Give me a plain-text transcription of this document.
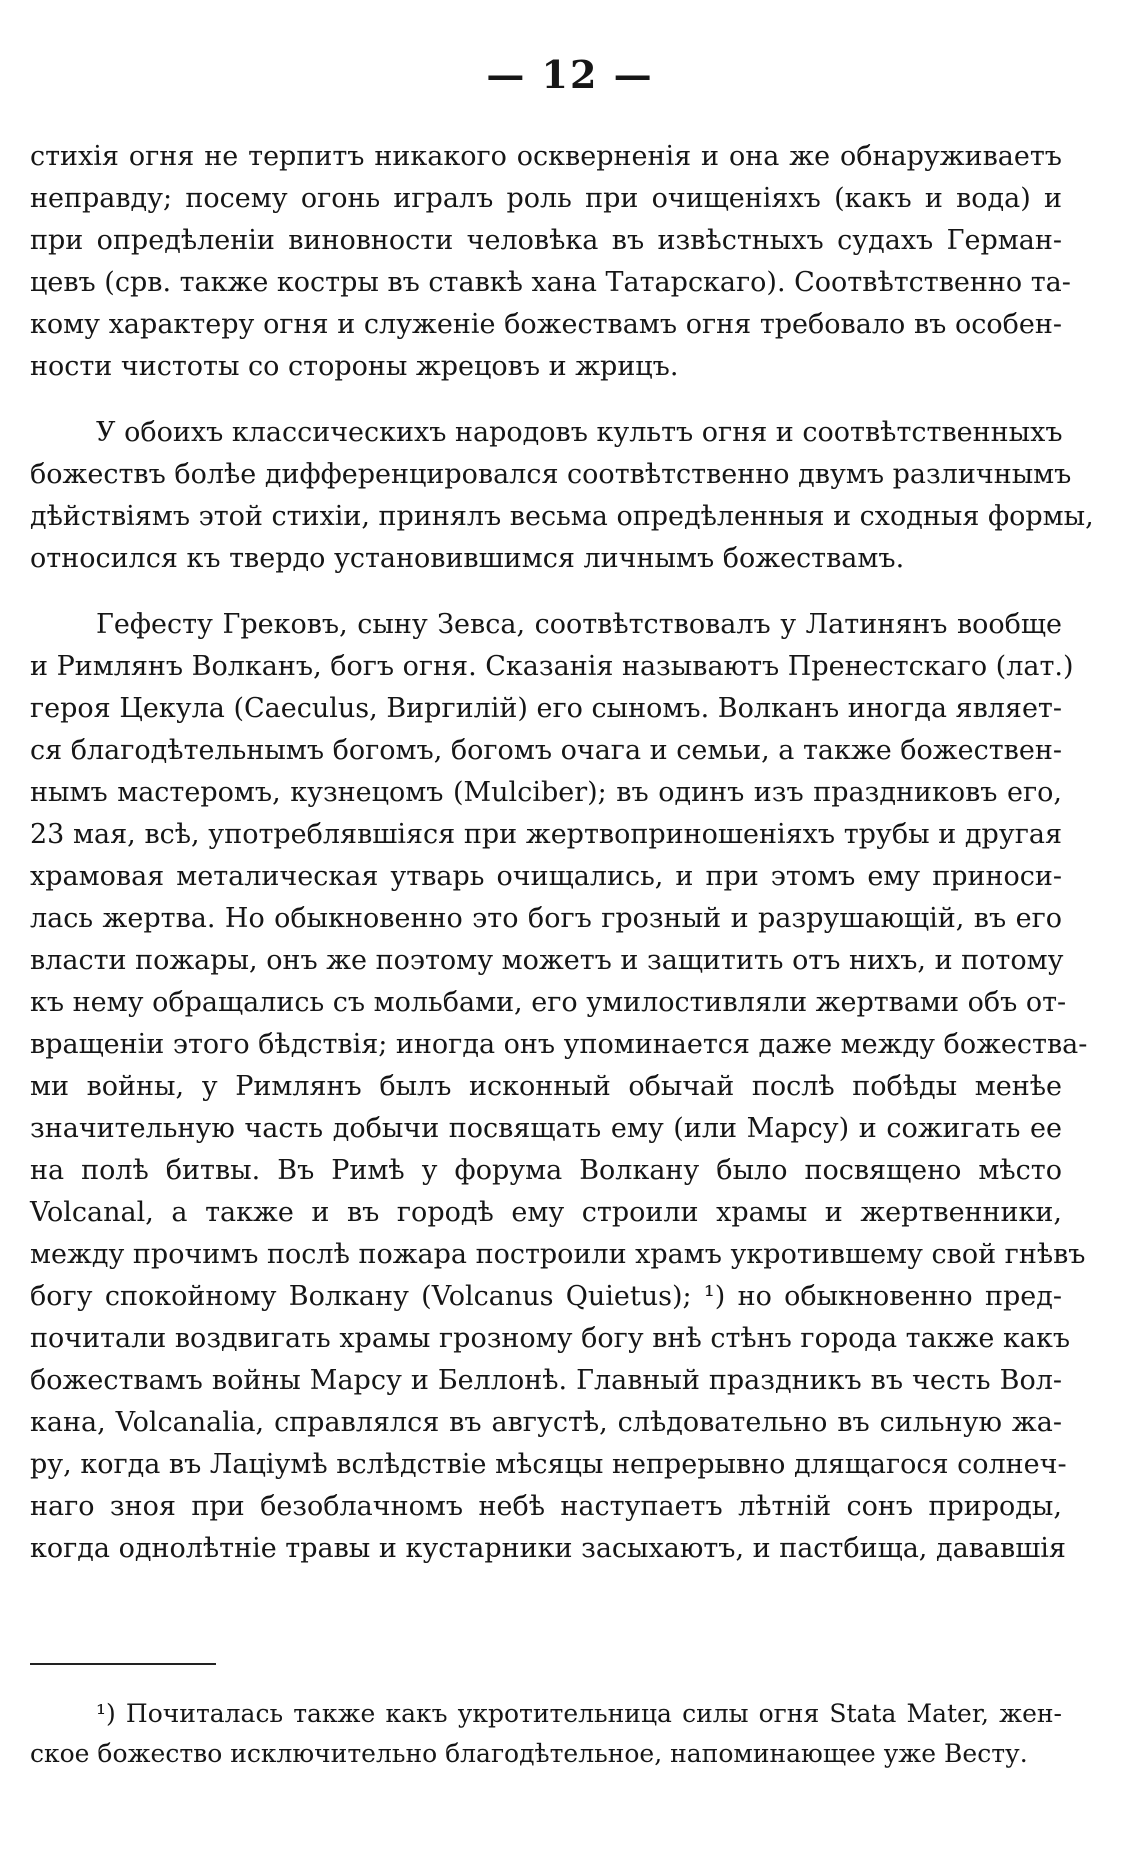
— 12 —
стихія огня не терпитъ никакого оскверненія и она же обнаруживаетъ
неправду; посему огонь игралъ роль при очищеніяхъ (какъ и вода) и
при опредѣленіи виновности человѣка въ извѣстныхъ судахъ Герман-
цевъ (срв. также костры въ ставкѣ хана Татарскаго). Соотвѣтственно та-
кому характеру огня и служеніе божествамъ огня требовало въ особен-
ности чистоты со стороны жрецовъ и жрицъ.
У обоихъ классическихъ народовъ культъ огня и соотвѣтственныхъ
божествъ болѣе дифференцировался соотвѣтственно двумъ различнымъ
дѣйствіямъ этой стихіи, принялъ весьма опредѣленныя и сходныя формы,
относился къ твердо установившимся личнымъ божествамъ.
Гефесту Грековъ, сыну Зевса, соотвѣтствовалъ у Латинянъ вообще
и Римлянъ Волканъ, богъ огня. Сказанія называютъ Пренестскаго (лат.)
героя Цекула (Caeculus, Виргилій) его сыномъ. Волканъ иногда являет-
ся благодѣтельнымъ богомъ, богомъ очага и семьи, а также божествен-
нымъ мастеромъ, кузнецомъ (Mulciber); въ одинъ изъ праздниковъ его,
23 мая, всѣ, употреблявшіяся при жертвоприношеніяхъ трубы и другая
храмовая металическая утварь очищались, и при этомъ ему приноси-
лась жертва. Но обыкновенно это богъ грозный и разрушающій, въ его
власти пожары, онъ же поэтому можетъ и защитить отъ нихъ, и потому
къ нему обращались съ мольбами, его умилостивляли жертвами объ от-
вращеніи этого бѣдствія; иногда онъ упоминается даже между божества-
ми войны, у Римлянъ былъ исконный обычай послѣ побѣды менѣе
значительную часть добычи посвящать ему (или Марсу) и сожигать ее
на полѣ битвы. Въ Римѣ у форума Волкану было посвящено мѣсто
Volcanal, а также и въ городѣ ему строили храмы и жертвенники,
между прочимъ послѣ пожара построили храмъ укротившему свой гнѣвъ
богу спокойному Волкану (Volcanus Quietus); ¹) но обыкновенно пред-
почитали воздвигать храмы грозному богу внѣ стѣнъ города также какъ
божествамъ войны Марсу и Беллонѣ. Главный праздникъ въ честь Вол-
кана, Volcanalia, справлялся въ августѣ, слѣдовательно въ сильную жа-
ру, когда въ Лаціумѣ вслѣдствіе мѣсяцы непрерывно длящагося солнеч-
наго зноя при безоблачномъ небѣ наступаетъ лѣтній сонъ природы,
когда однолѣтніе травы и кустарники засыхаютъ, и пастбища, дававшія
¹) Почиталась также какъ укротительница силы огня Stata Mater, жен-
ское божество исключительно благодѣтельное, напоминающее уже Весту.
